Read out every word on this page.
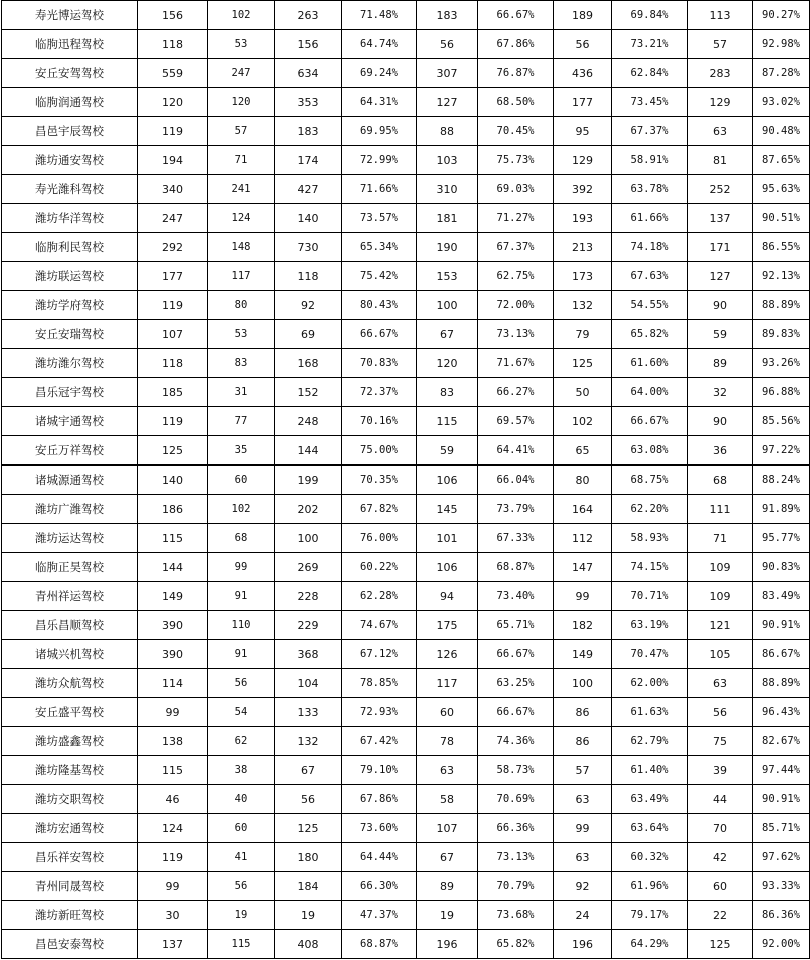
寿光博运驾校	156	102	263	71.48%	183	66.67%	189	69.84%	113	90.27%
临朐迅程驾校	118	53	156	64.74%	56	67.86%	56	73.21%	57	92.98%
安丘安驾驾校	559	247	634	69.24%	307	76.87%	436	62.84%	283	87.28%
临朐润通驾校	120	120	353	64.31%	127	68.50%	177	73.45%	129	93.02%
昌邑宇辰驾校	119	57	183	69.95%	88	70.45%	95	67.37%	63	90.48%
潍坊通安驾校	194	71	174	72.99%	103	75.73%	129	58.91%	81	87.65%
寿光潍科驾校	340	241	427	71.66%	310	69.03%	392	63.78%	252	95.63%
潍坊华洋驾校	247	124	140	73.57%	181	71.27%	193	61.66%	137	90.51%
临朐利民驾校	292	148	730	65.34%	190	67.37%	213	74.18%	171	86.55%
潍坊联运驾校	177	117	118	75.42%	153	62.75%	173	67.63%	127	92.13%
潍坊学府驾校	119	80	92	80.43%	100	72.00%	132	54.55%	90	88.89%
安丘安瑞驾校	107	53	69	66.67%	67	73.13%	79	65.82%	59	89.83%
潍坊潍尔驾校	118	83	168	70.83%	120	71.67%	125	61.60%	89	93.26%
昌乐冠宇驾校	185	31	152	72.37%	83	66.27%	50	64.00%	32	96.88%
诸城宇通驾校	119	77	248	70.16%	115	69.57%	102	66.67%	90	85.56%
安丘万祥驾校	125	35	144	75.00%	59	64.41%	65	63.08%	36	97.22%
诸城源通驾校	140	60	199	70.35%	106	66.04%	80	68.75%	68	88.24%
潍坊广潍驾校	186	102	202	67.82%	145	73.79%	164	62.20%	111	91.89%
潍坊运达驾校	115	68	100	76.00%	101	67.33%	112	58.93%	71	95.77%
临朐正昊驾校	144	99	269	60.22%	106	68.87%	147	74.15%	109	90.83%
青州祥运驾校	149	91	228	62.28%	94	73.40%	99	70.71%	109	83.49%
昌乐昌顺驾校	390	110	229	74.67%	175	65.71%	182	63.19%	121	90.91%
诸城兴机驾校	390	91	368	67.12%	126	66.67%	149	70.47%	105	86.67%
潍坊众航驾校	114	56	104	78.85%	117	63.25%	100	62.00%	63	88.89%
安丘盛平驾校	99	54	133	72.93%	60	66.67%	86	61.63%	56	96.43%
潍坊盛鑫驾校	138	62	132	67.42%	78	74.36%	86	62.79%	75	82.67%
潍坊隆基驾校	115	38	67	79.10%	63	58.73%	57	61.40%	39	97.44%
潍坊交职驾校	46	40	56	67.86%	58	70.69%	63	63.49%	44	90.91%
潍坊宏通驾校	124	60	125	73.60%	107	66.36%	99	63.64%	70	85.71%
昌乐祥安驾校	119	41	180	64.44%	67	73.13%	63	60.32%	42	97.62%
青州同晟驾校	99	56	184	66.30%	89	70.79%	92	61.96%	60	93.33%
潍坊新旺驾校	30	19	19	47.37%	19	73.68%	24	79.17%	22	86.36%
昌邑安泰驾校	137	115	408	68.87%	196	65.82%	196	64.29%	125	92.00%
